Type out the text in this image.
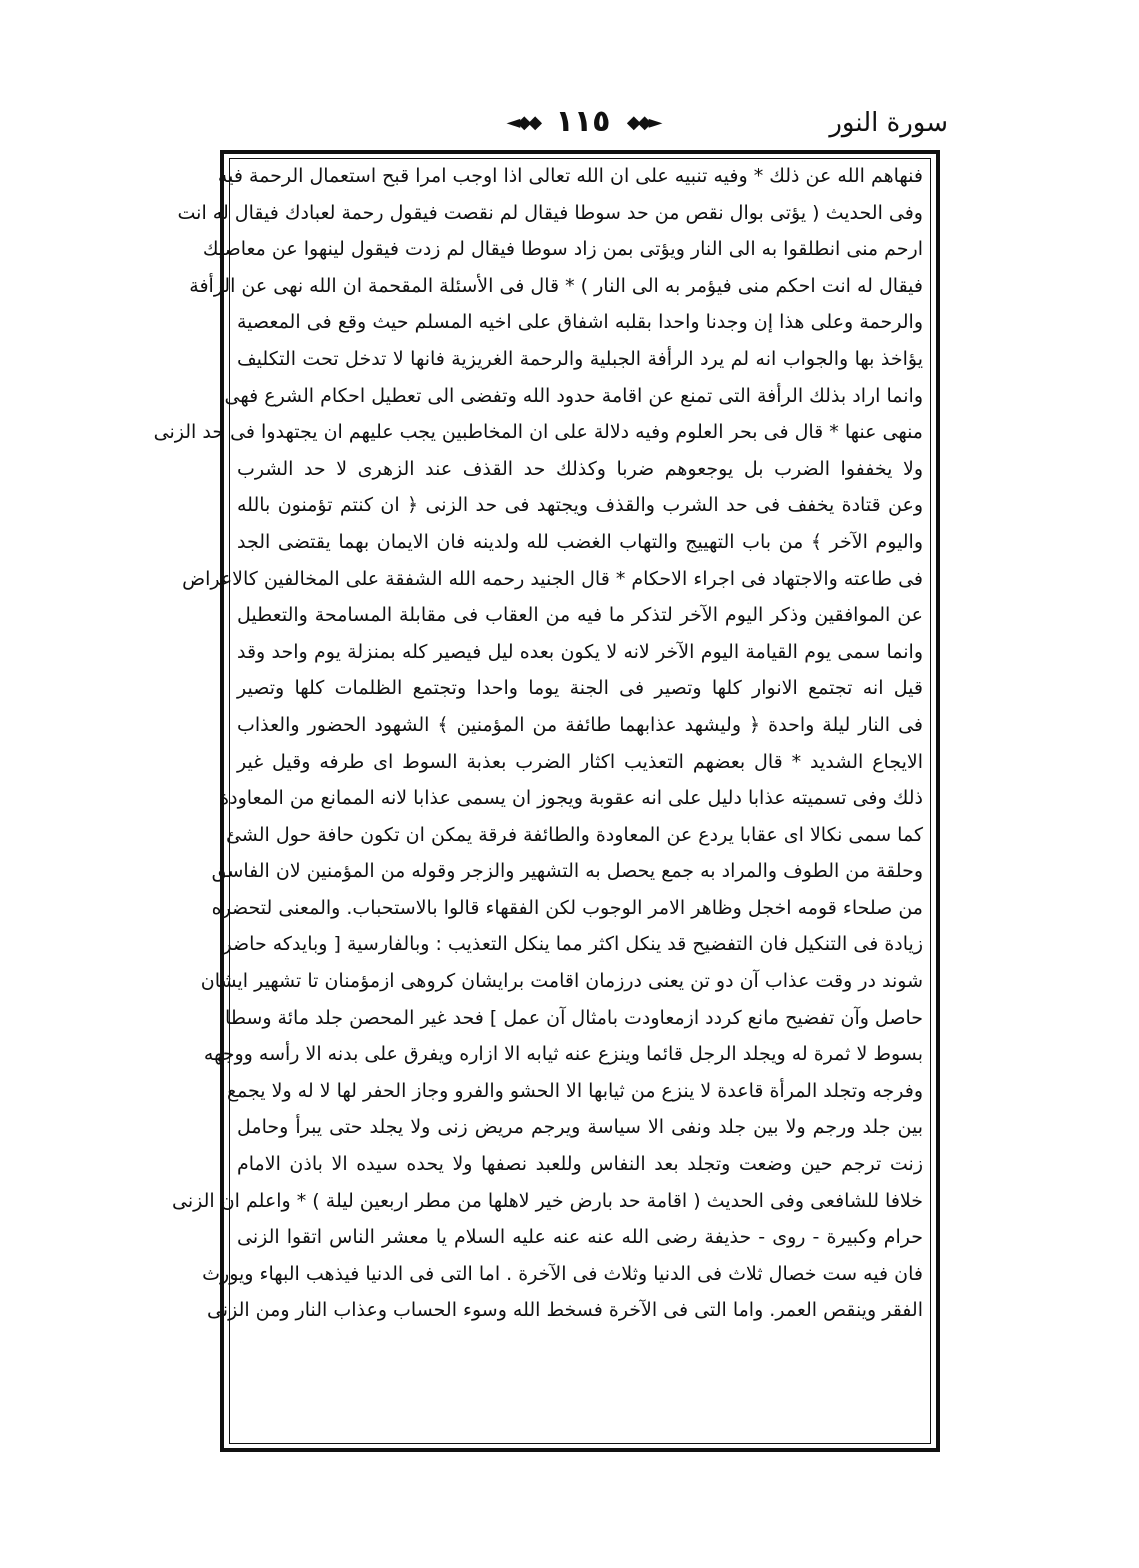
◄◆◆ ١١٥ ◆◆►	سورة النور
فنهاهم الله عن ذلك * وفيه تنبيه على ان الله تعالى اذا اوجب امرا قبح استعمال الرحمة فيه
وفى الحديث ( يؤتى بوال نقص من حد سوطا فيقال لم نقصت فيقول رحمة لعبادك فيقال له انت
ارحم منى انطلقوا به الى النار ويؤتى بمن زاد سوطا فيقال لم زدت فيقول لينهوا عن معاصيك
فيقال له انت احكم منى فيؤمر به الى النار ) * قال فى الأسئلة المقحمة ان الله نهى عن الرأفة
والرحمة وعلى هذا إن وجدنا واحدا بقلبه اشفاق على اخيه المسلم حيث وقع فى المعصية
يؤاخذ بها والجواب انه لم يرد الرأفة الجبلية والرحمة الغريزية فانها لا تدخل تحت التكليف
وانما اراد بذلك الرأفة التى تمنع عن اقامة حدود الله وتفضى الى تعطيل احكام الشرع فهى
منهى عنها * قال فى بحر العلوم وفيه دلالة على ان المخاطبين يجب عليهم ان يجتهدوا فى حد الزنى
ولا يخففوا الضرب بل يوجعوهم ضربا وكذلك حد القذف عند الزهرى لا حد الشرب
وعن قتادة يخفف فى حد الشرب والقذف ويجتهد فى حد الزنى ﴿ ان كنتم تؤمنون بالله
واليوم الآخر ﴾ من باب التهييج والتهاب الغضب لله ولدينه فان الايمان بهما يقتضى الجد
فى طاعته والاجتهاد فى اجراء الاحكام * قال الجنيد رحمه الله الشفقة على المخالفين كالاعراض
عن الموافقين وذكر اليوم الآخر لتذكر ما فيه من العقاب فى مقابلة المسامحة والتعطيل
وانما سمى يوم القيامة اليوم الآخر لانه لا يكون بعده ليل فيصير كله بمنزلة يوم واحد وقد
قيل انه تجتمع الانوار كلها وتصير فى الجنة يوما واحدا وتجتمع الظلمات كلها وتصير
فى النار ليلة واحدة ﴿ وليشهد عذابهما طائفة من المؤمنين ﴾ الشهود الحضور والعذاب
الايجاع الشديد * قال بعضهم التعذيب اكثار الضرب بعذبة السوط اى طرفه وقيل غير
ذلك وفى تسميته عذابا دليل على انه عقوبة ويجوز ان يسمى عذابا لانه الممانع من المعاودة
كما سمى نكالا اى عقابا يردع عن المعاودة والطائفة فرقة يمكن ان تكون حافة حول الشئ
وحلقة من الطوف والمراد به جمع يحصل به التشهير والزجر وقوله من المؤمنين لان الفاسق
من صلحاء قومه اخجل وظاهر الامر الوجوب لكن الفقهاء قالوا بالاستحباب. والمعنى لتحضره
زيادة فى التنكيل فان التفضيح قد ينكل اكثر مما ينكل التعذيب : وبالفارسية [ وبايدكه حاضر
شوند در وقت عذاب آن دو تن يعنى درزمان اقامت برايشان كروهى ازمؤمنان تا تشهير ايشان
حاصل وآن تفضيح مانع كردد ازمعاودت بامثال آن عمل ] فحد غير المحصن جلد مائة وسطا
بسوط لا ثمرة له ويجلد الرجل قائما وينزع عنه ثيابه الا ازاره ويفرق على بدنه الا رأسه ووجهه
وفرجه وتجلد المرأة قاعدة لا ينزع من ثيابها الا الحشو والفرو وجاز الحفر لها لا له ولا يجمع
بين جلد ورجم ولا بين جلد ونفى الا سياسة ويرجم مريض زنى ولا يجلد حتى يبرأ وحامل
زنت ترجم حين وضعت وتجلد بعد النفاس وللعبد نصفها ولا يحده سيده الا باذن الامام
خلافا للشافعى وفى الحديث ( اقامة حد بارض خير لاهلها من مطر اربعين ليلة ) * واعلم ان الزنى
حرام وكبيرة - روى - حذيفة رضى الله عنه عنه عليه السلام يا معشر الناس اتقوا الزنى
فان فيه ست خصال ثلاث فى الدنيا وثلاث فى الآخرة . اما التى فى الدنيا فيذهب البهاء ويورث
الفقر وينقص العمر. واما التى فى الآخرة فسخط الله وسوء الحساب وعذاب النار ومن الزنى
